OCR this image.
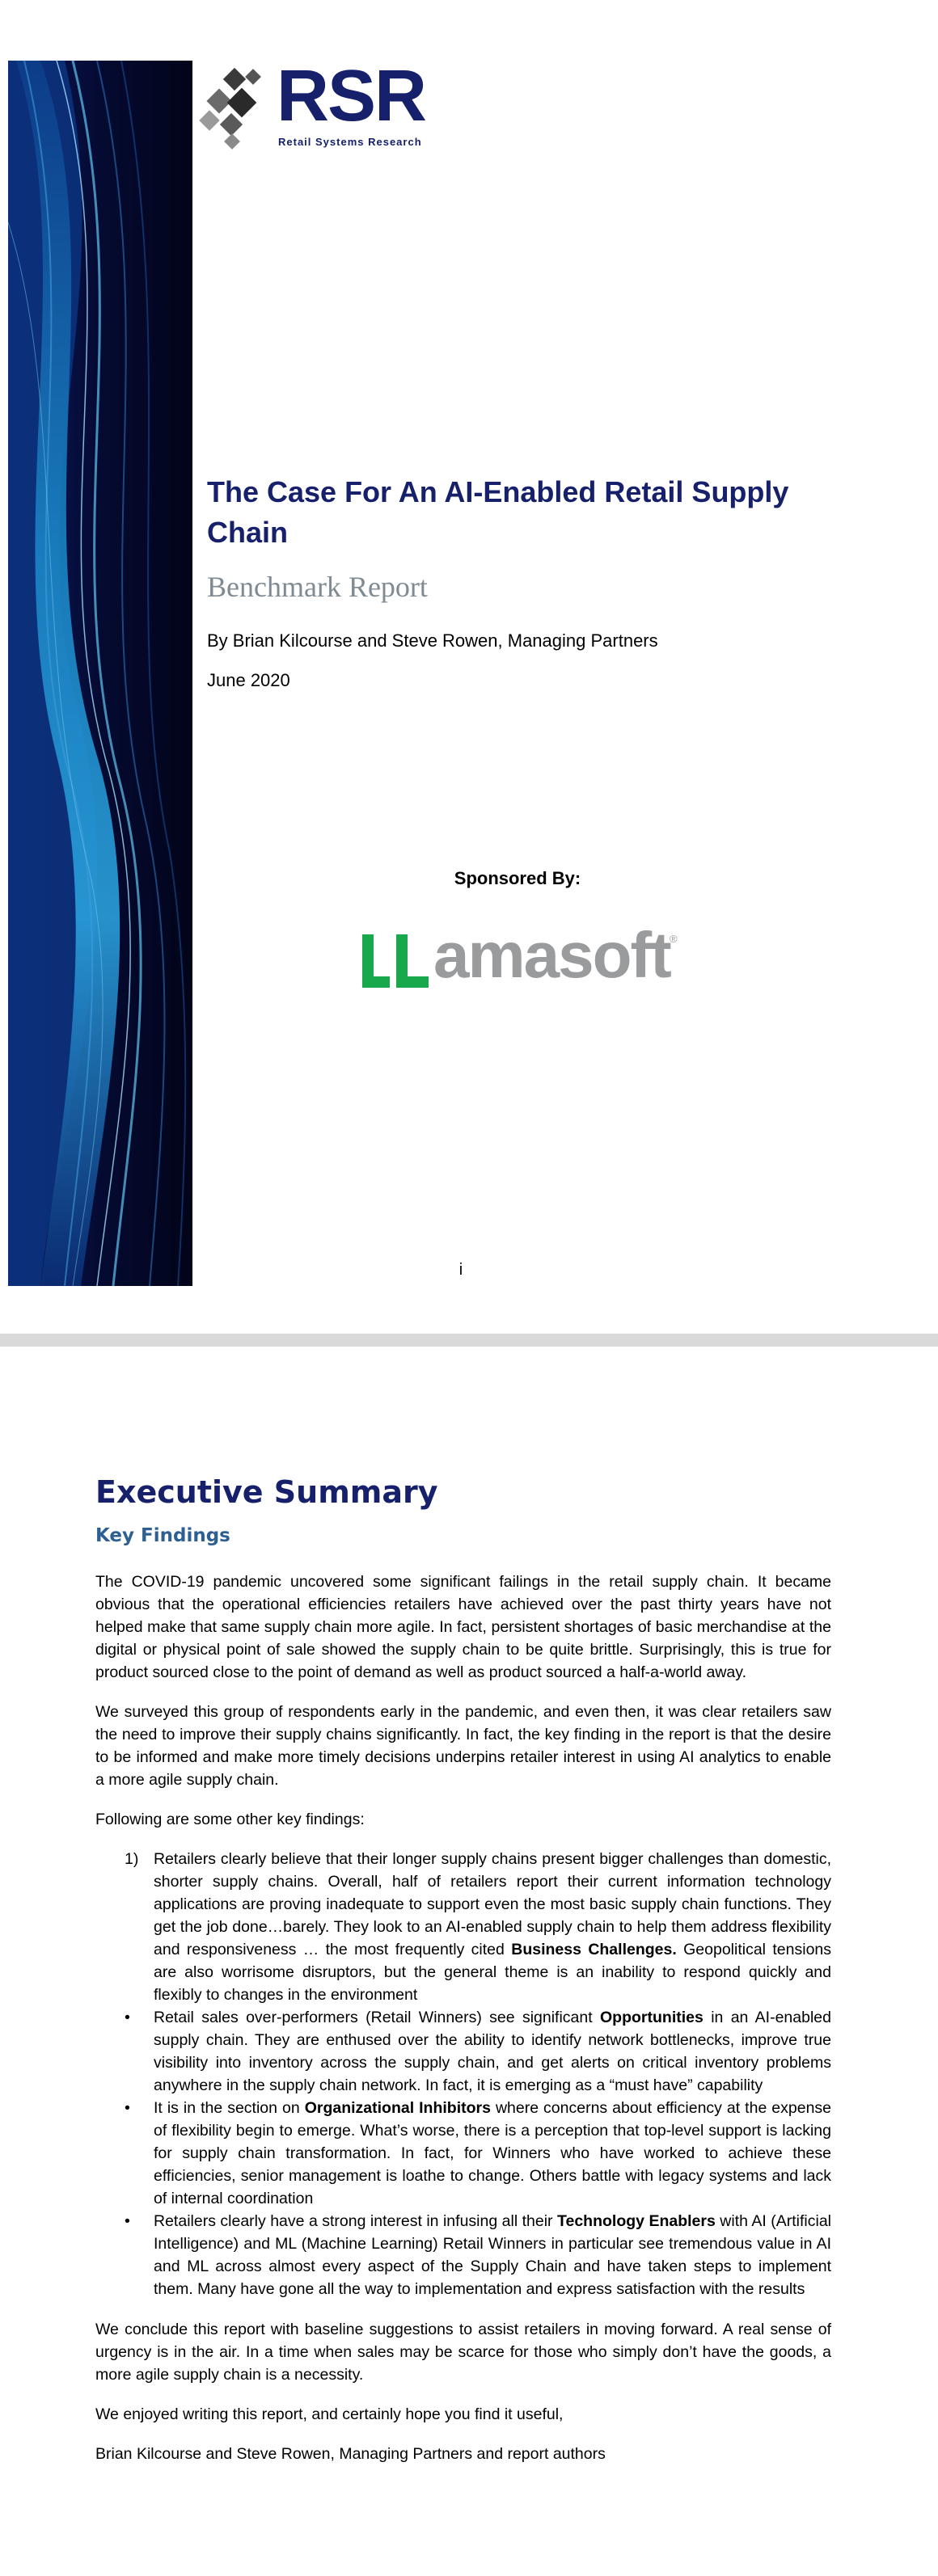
RSR
Retail Systems Research
The Case For An AI-Enabled Retail Supply Chain
Benchmark Report
By Brian Kilcourse and Steve Rowen, Managing Partners
June 2020
Sponsored By:
amasoft ®
i
Executive Summary
Key Findings

The COVID-19 pandemic uncovered some significant failings in the retail supply chain. It became obvious that the operational efficiencies retailers have achieved over the past thirty years have not helped make that same supply chain more agile. In fact, persistent shortages of basic merchandise at the digital or physical point of sale showed the supply chain to be quite brittle. Surprisingly, this is true for product sourced close to the point of demand as well as product sourced a half-a-world away.

We surveyed this group of respondents early in the pandemic, and even then, it was clear retailers saw the need to improve their supply chains significantly. In fact, the key finding in the report is that the desire to be informed and make more timely decisions underpins retailer interest in using AI analytics to enable a more agile supply chain.

Following are some other key findings:

1) Retailers clearly believe that their longer supply chains present bigger challenges than domestic, shorter supply chains. Overall, half of retailers report their current information technology applications are proving inadequate to support even the most basic supply chain functions. They get the job done…barely. They look to an AI-enabled supply chain to help them address flexibility and responsiveness … the most frequently cited Business Challenges. Geopolitical tensions are also worrisome disruptors, but the general theme is an inability to respond quickly and flexibly to changes in the environment
• Retail sales over-performers (Retail Winners) see significant Opportunities in an AI-enabled supply chain. They are enthused over the ability to identify network bottlenecks, improve true visibility into inventory across the supply chain, and get alerts on critical inventory problems anywhere in the supply chain network. In fact, it is emerging as a “must have” capability
• It is in the section on Organizational Inhibitors where concerns about efficiency at the expense of flexibility begin to emerge. What’s worse, there is a perception that top-level support is lacking for supply chain transformation. In fact, for Winners who have worked to achieve these efficiencies, senior management is loathe to change. Others battle with legacy systems and lack of internal coordination
• Retailers clearly have a strong interest in infusing all their Technology Enablers with AI (Artificial Intelligence) and ML (Machine Learning) Retail Winners in particular see tremendous value in AI and ML across almost every aspect of the Supply Chain and have taken steps to implement them. Many have gone all the way to implementation and express satisfaction with the results

We conclude this report with baseline suggestions to assist retailers in moving forward. A real sense of urgency is in the air. In a time when sales may be scarce for those who simply don’t have the goods, a more agile supply chain is a necessity.

We enjoyed writing this report, and certainly hope you find it useful,

Brian Kilcourse and Steve Rowen, Managing Partners and report authors
